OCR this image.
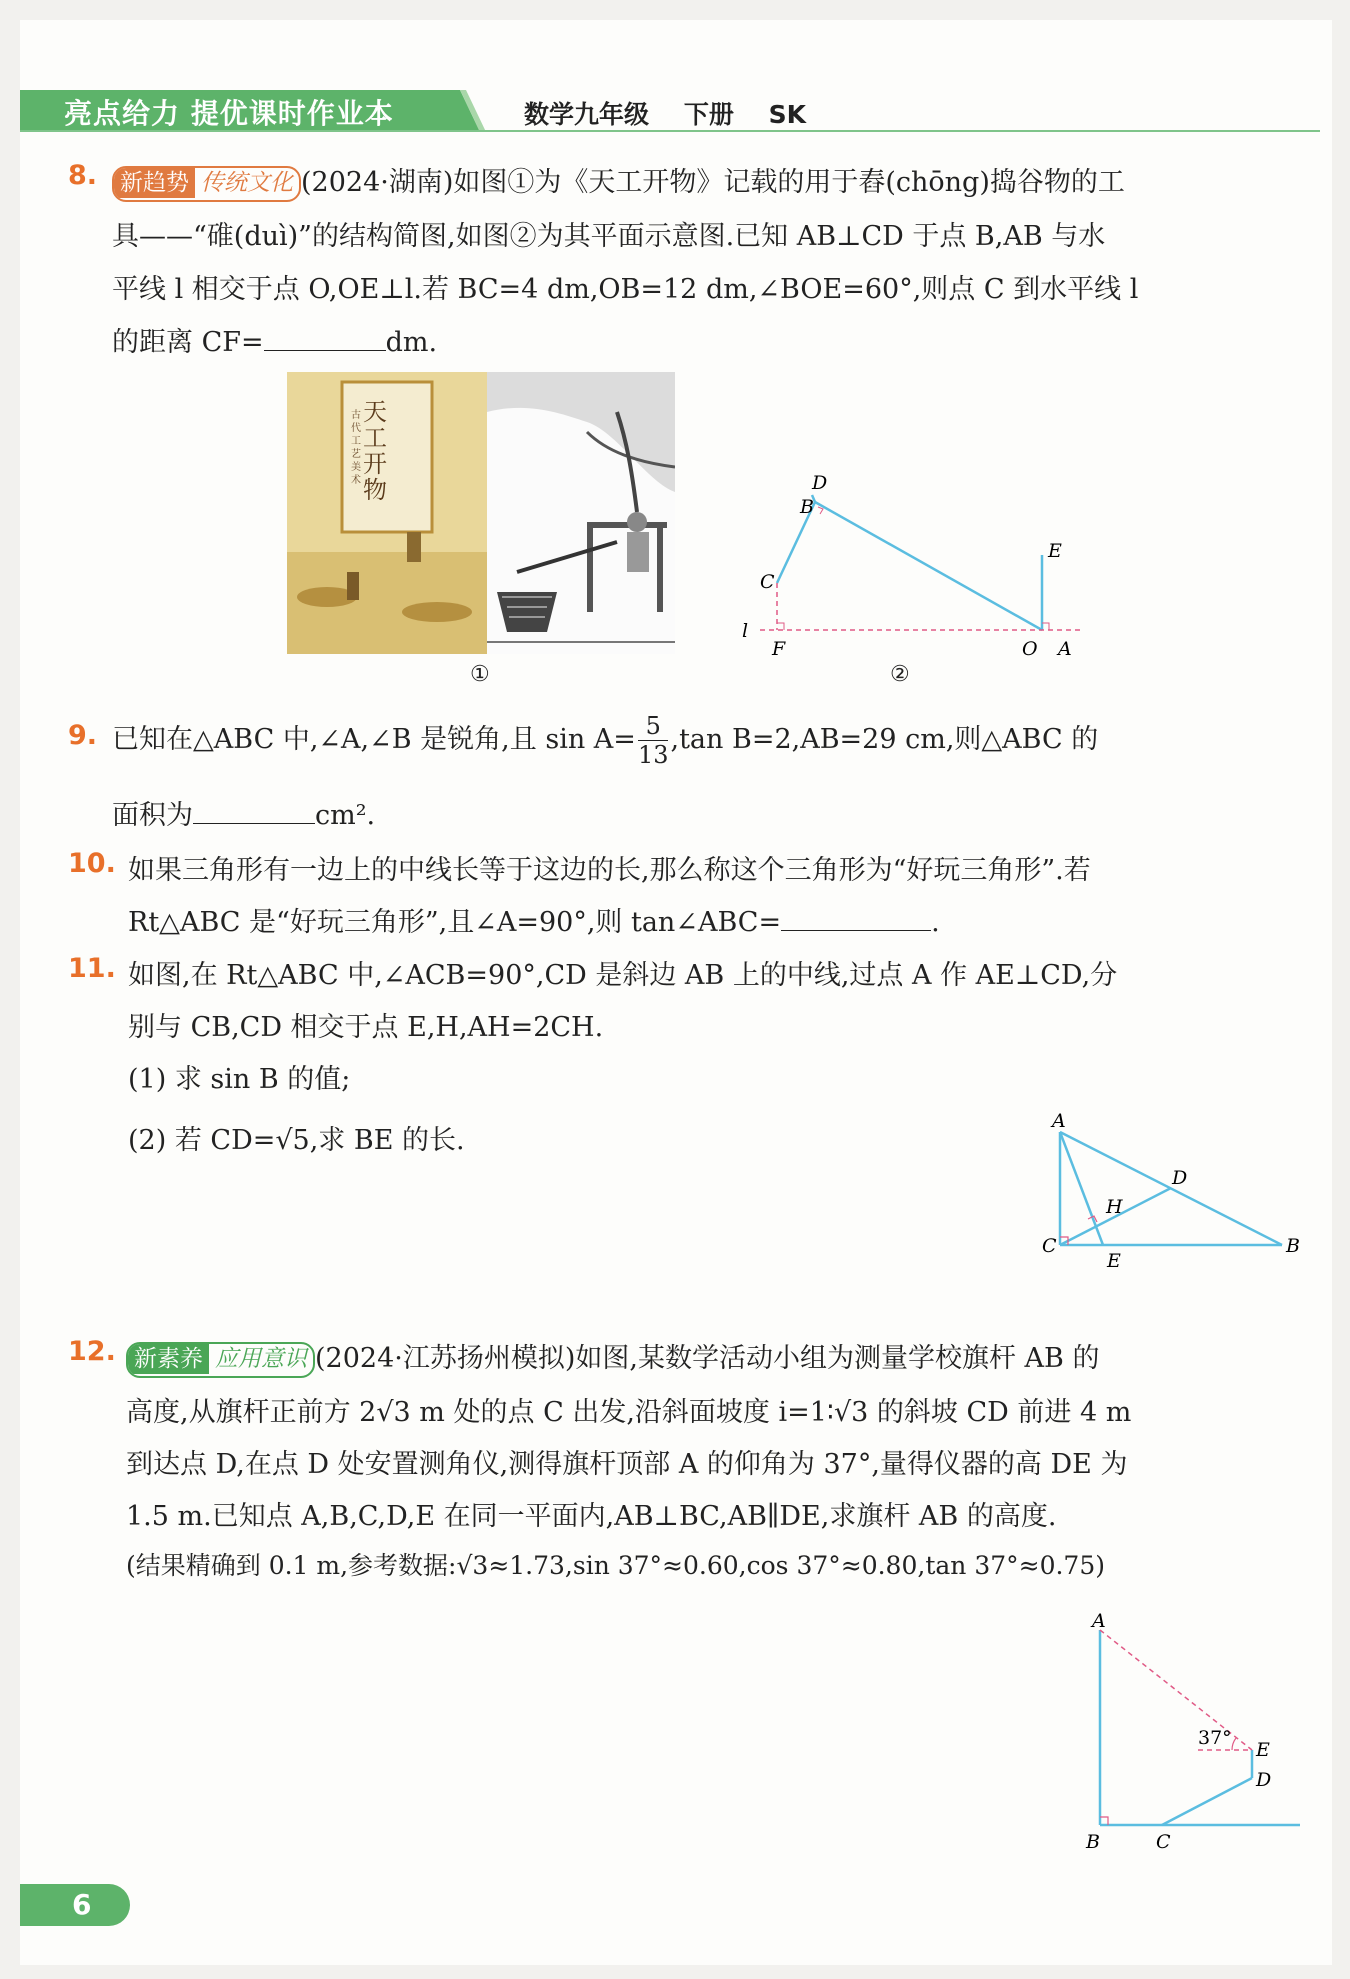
亮点给力 提优课时作业本	数学九年级    下册    SK
8. 新趋势 传统文化 (2024·湖南)如图①为《天工开物》记载的用于舂(chōng)捣谷物的工
具——“碓(duì)”的结构简图,如图②为其平面示意图.已知 AB⊥CD 于点 B,AB 与水
平线 l 相交于点 O,OE⊥l.若 BC=4 dm,OB=12 dm,∠BOE=60°,则点 C 到水平线 l
的距离 CF=	dm.
天工开物
古代工艺美术
①
D
B
C
E
l
F	O A
②
9. 已知在△ABC 中,∠A,∠B 是锐角,且 $\sin A= \frac{5}{13} ,\tan$ B=2,AB=29 cm,则△ABC 的
面积为	cm².
10. 如果三角形有一边上的中线长等于这边的长,那么称这个三角形为“好玩三角形”.若
Rt△ABC 是“好玩三角形”,且∠A=90°,则 tan∠ABC=	.
11. 如图,在 Rt△ABC 中,∠ACB=90°,CD 是斜边 AB 上的中线,过点 A 作 AE⊥CD,分
别与 CB,CD 相交于点 E,H,AH=2CH.
(1) 求 sin B 的值;
(2) 若 CD=√5,求 BE 的长.
A
D
H
C
E
B
12. 新素养 应用意识 (2024·江苏扬州模拟)如图,某数学活动小组为测量学校旗杆 AB 的
高度,从旗杆正前方 2√3 m 处的点 C 出发,沿斜面坡度 i=1∶√3 的斜坡 CD 前进 4 m
到达点 D,在点 D 处安置测角仪,测得旗杆顶部 A 的仰角为 37°,量得仪器的高 DE 为
1.5 m.已知点 A,B,C,D,E 在同一平面内,AB⊥BC,AB∥DE,求旗杆 AB 的高度.
(结果精确到 0.1 m,参考数据:√3≈1.73,sin 37°≈0.60,cos 37°≈0.80,tan 37°≈0.75)
A
37°
E
D
B	C
6
